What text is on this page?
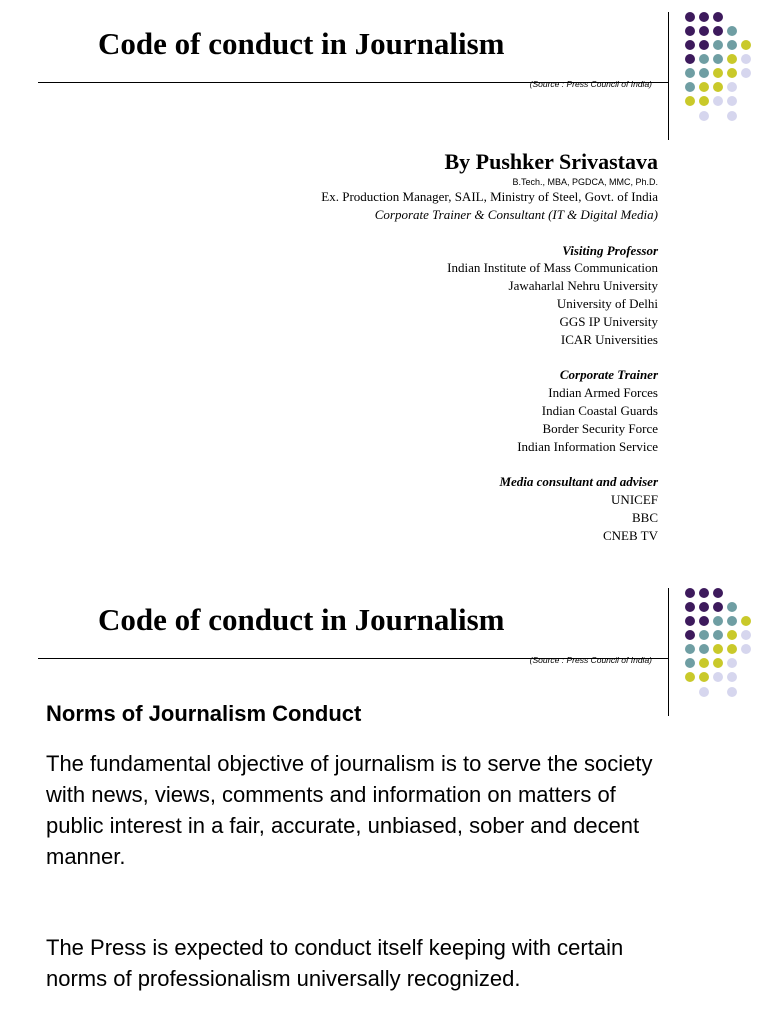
Code of conduct in Journalism
(Source : Press Council of India)
By Pushker Srivastava
B.Tech., MBA, PGDCA, MMC, Ph.D.
Ex. Production Manager, SAIL, Ministry of Steel, Govt. of India
Corporate Trainer & Consultant (IT & Digital Media)
Visiting Professor
Indian Institute of Mass Communication
Jawaharlal Nehru University
University of Delhi
GGS IP University
ICAR Universities
Corporate Trainer
Indian Armed Forces
Indian Coastal Guards
Border Security Force
Indian Information Service
Media consultant and adviser
UNICEF
BBC
CNEB TV
Code of conduct in Journalism
(Source : Press Council of India)
Norms of Journalism Conduct

The fundamental objective of journalism is to serve the society with news, views, comments and information on matters of public interest in a fair, accurate, unbiased, sober and decent manner.

The Press is expected to conduct itself keeping with certain norms of professionalism universally recognized.
